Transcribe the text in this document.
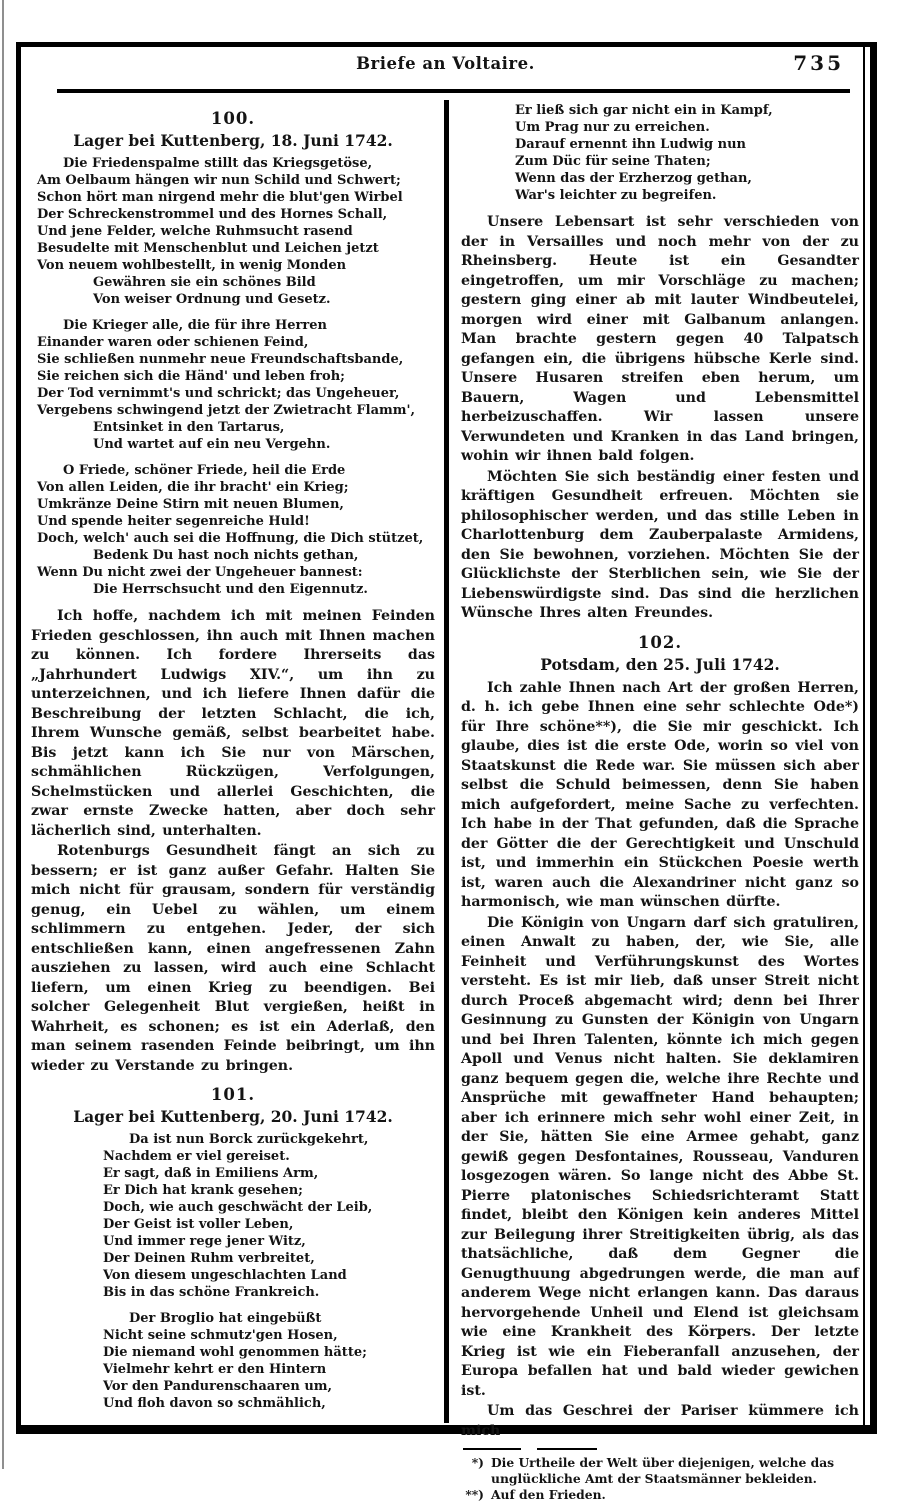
Briefe an Voltaire.	735
100.
Lager bei Kuttenberg, 18. Juni 1742.
Die Friedenspalme stillt das Kriegsgetöse,
Am Oelbaum hängen wir nun Schild und Schwert;
Schon hört man nirgend mehr die blut'gen Wirbel
Der Schreckenstrommel und des Hornes Schall,
Und jene Felder, welche Ruhmsucht rasend
Besudelte mit Menschenblut und Leichen jetzt
Von neuem wohlbestellt, in wenig Monden
Gewähren sie ein schönes Bild
Von weiser Ordnung und Gesetz.
Die Krieger alle, die für ihre Herren
Einander waren oder schienen Feind,
Sie schließen nunmehr neue Freundschaftsbande,
Sie reichen sich die Händ' und leben froh;
Der Tod vernimmt's und schrickt; das Ungeheuer,
Vergebens schwingend jetzt der Zwietracht Flamm',
Entsinket in den Tartarus,
Und wartet auf ein neu Vergehn.
O Friede, schöner Friede, heil die Erde
Von allen Leiden, die ihr bracht' ein Krieg;
Umkränze Deine Stirn mit neuen Blumen,
Und spende heiter segenreiche Huld!
Doch, welch' auch sei die Hoffnung, die Dich stützet,
Bedenk Du hast noch nichts gethan,
Wenn Du nicht zwei der Ungeheuer bannest:
Die Herrschsucht und den Eigennutz.

Ich hoffe, nachdem ich mit meinen Feinden Frieden geschlossen, ihn auch mit Ihnen machen zu können. Ich fordere Ihrerseits das „Jahrhundert Ludwigs XIV.“, um ihn zu unterzeichnen, und ich liefere Ihnen dafür die Beschreibung der letzten Schlacht, die ich, Ihrem Wunsche gemäß, selbst bearbeitet habe. Bis jetzt kann ich Sie nur von Märschen, schmählichen Rückzügen, Verfolgungen, Schelmstücken und allerlei Geschichten, die zwar ernste Zwecke hatten, aber doch sehr lächerlich sind, unterhalten.

Rotenburgs Gesundheit fängt an sich zu bessern; er ist ganz außer Gefahr. Halten Sie mich nicht für grausam, sondern für verständig genug, ein Uebel zu wählen, um einem schlimmern zu entgehen. Jeder, der sich entschließen kann, einen angefressenen Zahn ausziehen zu lassen, wird auch eine Schlacht liefern, um einen Krieg zu beendigen. Bei solcher Gelegenheit Blut vergießen, heißt in Wahrheit, es schonen; es ist ein Aderlaß, den man seinem rasenden Feinde beibringt, um ihn wieder zu Verstande zu bringen.

101.
Lager bei Kuttenberg, 20. Juni 1742.
Da ist nun Borck zurückgekehrt,
Nachdem er viel gereiset.
Er sagt, daß in Emiliens Arm,
Er Dich hat krank gesehen;
Doch, wie auch geschwächt der Leib,
Der Geist ist voller Leben,
Und immer rege jener Witz,
Der Deinen Ruhm verbreitet,
Von diesem ungeschlachten Land
Bis in das schöne Frankreich.
Der Broglio hat eingebüßt
Nicht seine schmutz'gen Hosen,
Die niemand wohl genommen hätte;
Vielmehr kehrt er den Hintern
Vor den Pandurenschaaren um,
Und floh davon so schmählich,
Er ließ sich gar nicht ein in Kampf,
Um Prag nur zu erreichen.
Darauf ernennt ihn Ludwig nun
Zum Düc für seine Thaten;
Wenn das der Erzherzog gethan,
War's leichter zu begreifen.

Unsere Lebensart ist sehr verschieden von der in Versailles und noch mehr von der zu Rheinsberg. Heute ist ein Gesandter eingetroffen, um mir Vorschläge zu machen; gestern ging einer ab mit lauter Windbeutelei, morgen wird einer mit Galbanum anlangen. Man brachte gestern gegen 40 Talpatsch gefangen ein, die übrigens hübsche Kerle sind. Unsere Husaren streifen eben herum, um Bauern, Wagen und Lebensmittel herbeizuschaffen. Wir lassen unsere Verwundeten und Kranken in das Land bringen, wohin wir ihnen bald folgen.

Möchten Sie sich beständig einer festen und kräftigen Gesundheit erfreuen. Möchten sie philosophischer werden, und das stille Leben in Charlottenburg dem Zauberpalaste Armidens, den Sie bewohnen, vorziehen. Möchten Sie der Glücklichste der Sterblichen sein, wie Sie der Liebenswürdigste sind. Das sind die herzlichen Wünsche Ihres alten Freundes.

102.
Potsdam, den 25. Juli 1742.

Ich zahle Ihnen nach Art der großen Herren, d. h. ich gebe Ihnen eine sehr schlechte Ode*) für Ihre schöne**), die Sie mir geschickt. Ich glaube, dies ist die erste Ode, worin so viel von Staatskunst die Rede war. Sie müssen sich aber selbst die Schuld beimessen, denn Sie haben mich aufgefordert, meine Sache zu verfechten. Ich habe in der That gefunden, daß die Sprache der Götter die der Gerechtigkeit und Unschuld ist, und immerhin ein Stückchen Poesie werth ist, waren auch die Alexandriner nicht ganz so harmonisch, wie man wünschen dürfte.

Die Königin von Ungarn darf sich gratuliren, einen Anwalt zu haben, der, wie Sie, alle Feinheit und Verführungskunst des Wortes versteht. Es ist mir lieb, daß unser Streit nicht durch Proceß abgemacht wird; denn bei Ihrer Gesinnung zu Gunsten der Königin von Ungarn und bei Ihren Talenten, könnte ich mich gegen Apoll und Venus nicht halten. Sie deklamiren ganz bequem gegen die, welche ihre Rechte und Ansprüche mit gewaffneter Hand behaupten; aber ich erinnere mich sehr wohl einer Zeit, in der Sie, hätten Sie eine Armee gehabt, ganz gewiß gegen Desfontaines, Rousseau, Vanduren losgezogen wären. So lange nicht des Abbe St. Pierre platonisches Schiedsrichteramt Statt findet, bleibt den Königen kein anderes Mittel zur Beilegung ihrer Streitigkeiten übrig, als das thatsächliche, daß dem Gegner die Genugthuung abgedrungen werde, die man auf anderem Wege nicht erlangen kann. Das daraus hervorgehende Unheil und Elend ist gleichsam wie eine Krankheit des Körpers. Der letzte Krieg ist wie ein Fieberanfall anzusehen, der Europa befallen hat und bald wieder gewichen ist.

Um das Geschrei der Pariser kümmere ich mich

*) Die Urtheile der Welt über diejenigen, welche das unglückliche Amt der Staatsmänner bekleiden.
**) Auf den Frieden.
